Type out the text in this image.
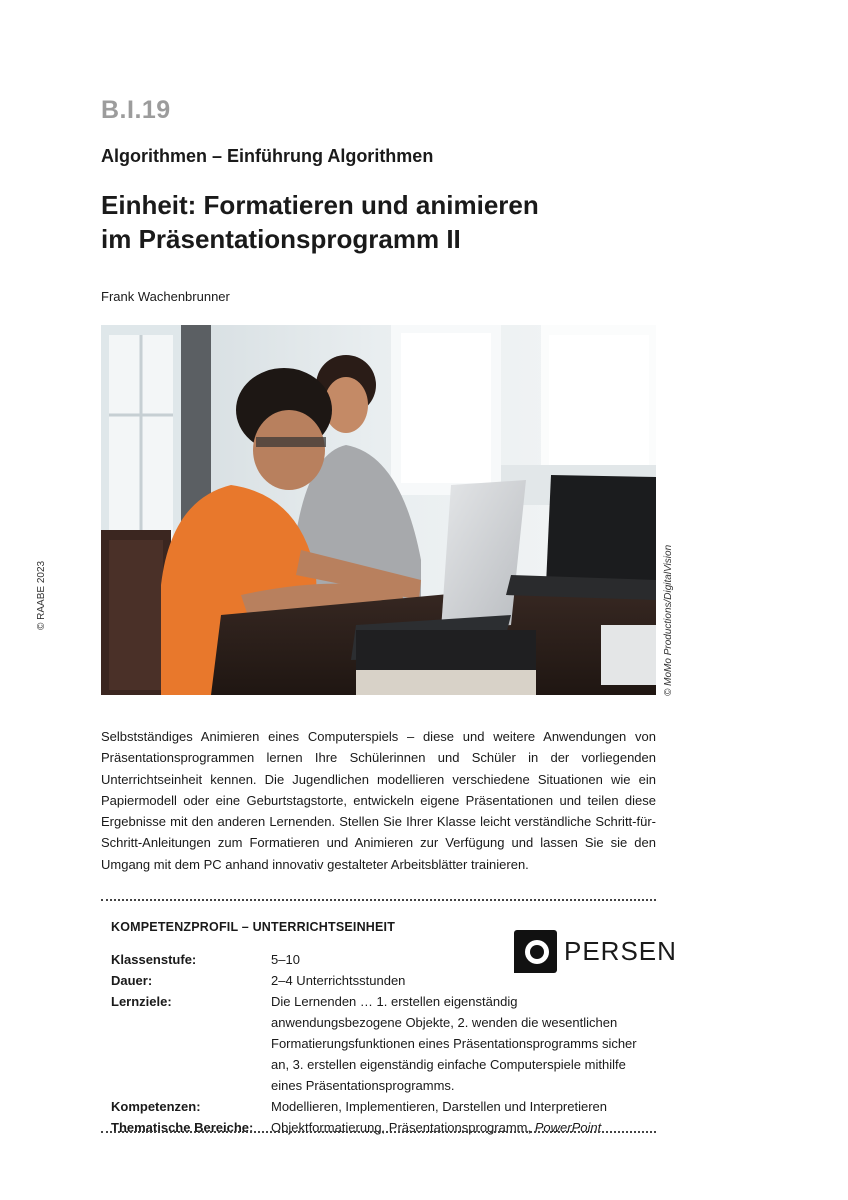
B.I.19
Algorithmen – Einführung Algorithmen
Einheit: Formatieren und animieren
im Präsentationsprogramm II
Frank Wachenbrunner
© MoMo Productions/DigitalVision
© RAABE 2023
Selbstständiges Animieren eines Computerspiels – diese und weitere Anwendungen von Präsentationsprogrammen lernen Ihre Schülerinnen und Schüler in der vorliegenden Unterrichtseinheit kennen. Die Jugendlichen modellieren verschiedene Situationen wie ein Papiermodell oder eine Geburtstagstorte, entwickeln eigene Präsentationen und teilen diese Ergebnisse mit den anderen Lernenden. Stellen Sie Ihrer Klasse leicht verständliche Schritt-für-Schritt-Anleitungen zum Formatieren und Animieren zur Verfügung und lassen Sie sie den Umgang mit dem PC anhand innovativ gestalteter Arbeitsblätter trainieren.
KOMPETENZPROFIL – UNTERRICHTSEINHEIT
PERSEN
Klassenstufe:	5–10
Dauer:	2–4 Unterrichtsstunden
Lernziele:	Die Lernenden … 1. erstellen eigenständig anwendungsbezogene Objekte, 2. wenden die wesentlichen Formatierungsfunktionen eines Präsentationsprogramms sicher an, 3. erstellen eigenständig einfache Computerspiele mithilfe eines Präsentationsprogramms.
Kompetenzen:	Modellieren, Implementieren, Darstellen und Interpretieren
Thematische Bereiche:	Objektformatierung, Präsentationsprogramm, PowerPoint
